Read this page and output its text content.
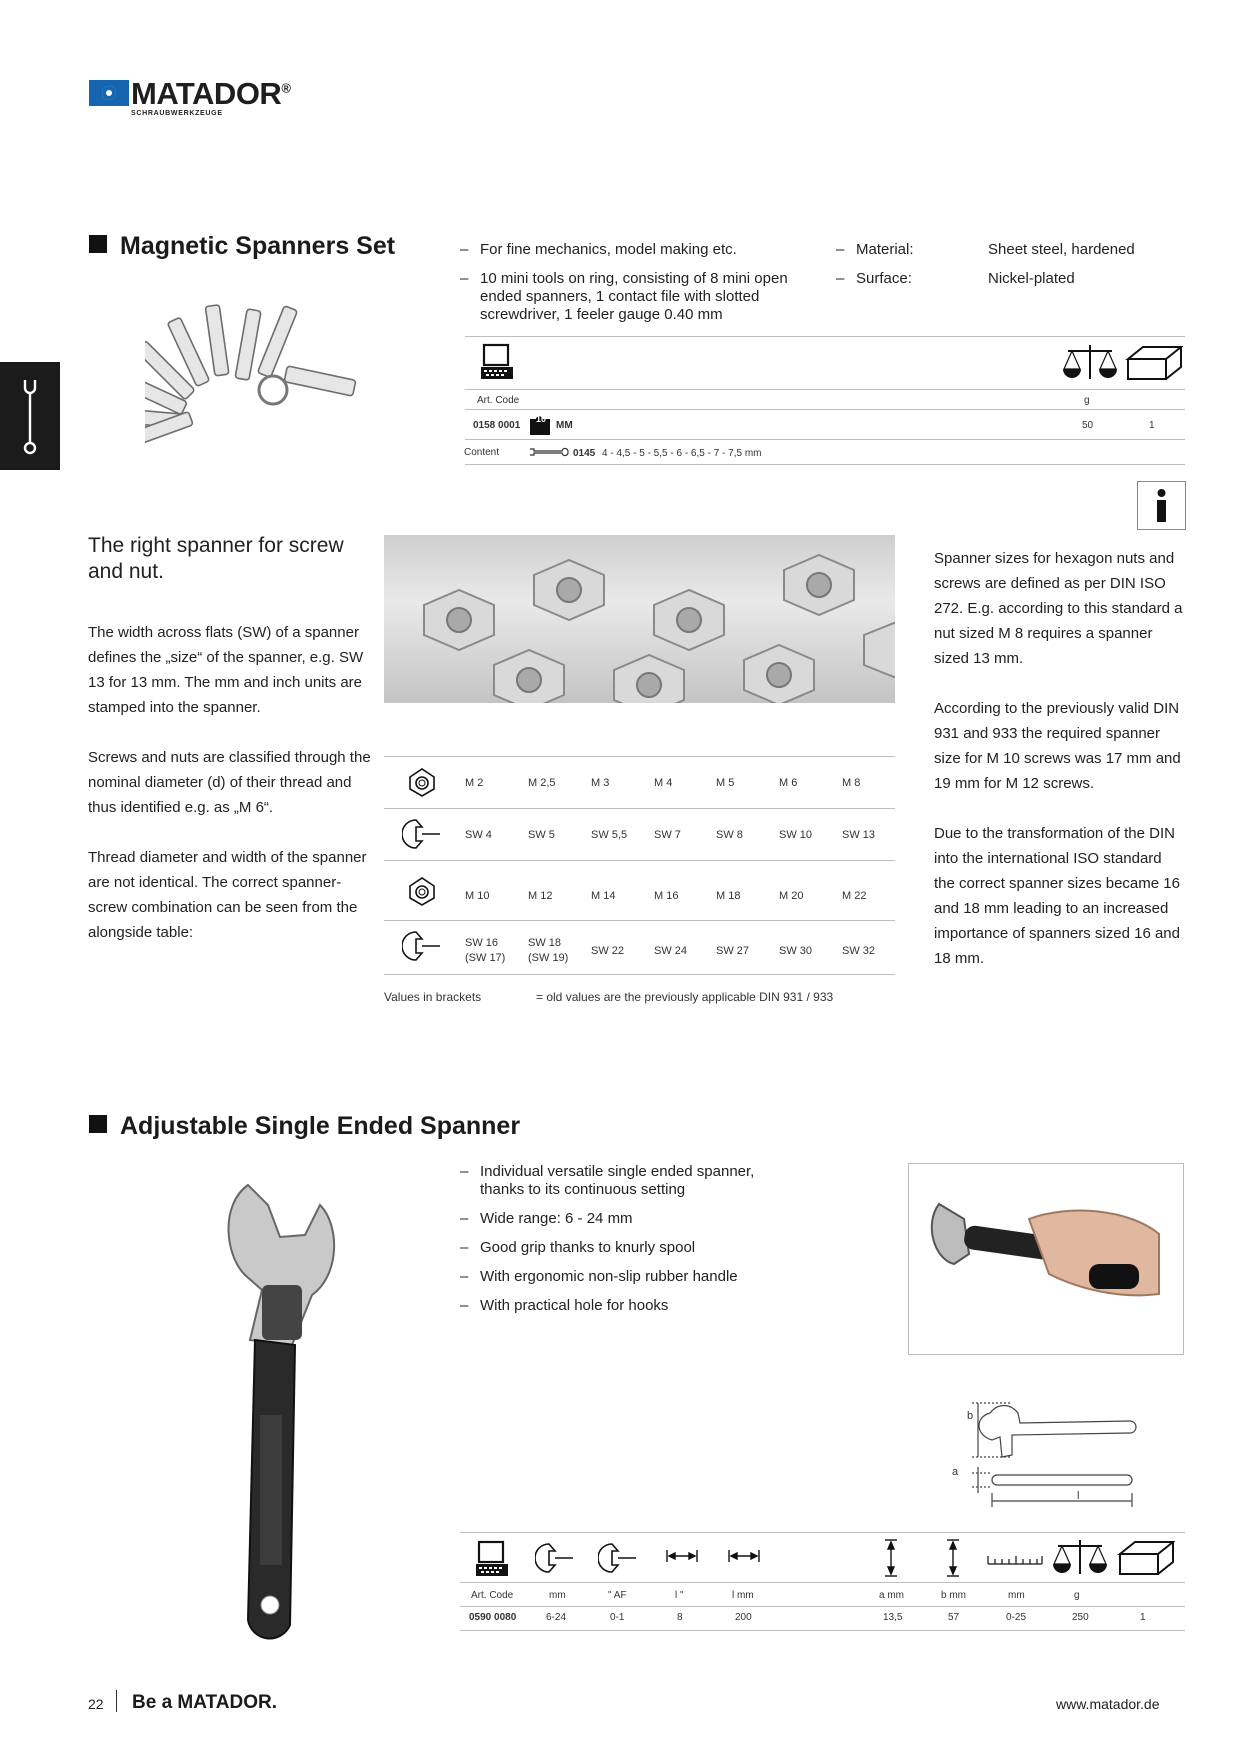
MATADOR®
SCHRAUBWERKZEUGE
Magnetic Spanners Set
–	For fine mechanics, model making etc.
– 10 mini tools on ring, consisting of 8 mini open ended spanners, 1 contact file with slotted screwdriver, 1 feeler gauge 0.40 mm
– Material:
– Surface:
Sheet steel, hardened
Nickel-plated
Art. Code	g
0158 0001
10
MM	50	1
Content	0145 4 - 4,5 - 5 - 5,5 - 6 - 6,5 - 7 - 7,5 mm
The right spanner for screw and nut.

The width across flats (SW) of a spanner defines the „size“ of the spanner, e.g. SW 13 for 13 mm. The mm and inch units are stamped into the spanner.

Screws and nuts are classified through the nominal diameter (d) of their thread and thus identified e.g. as „M 6“.

Thread diameter and width of the spanner are not identical. The correct spanner-screw combination can be seen from the alongside table:

M 2	M 2,5	M 3	M 4	M 5	M 6	M 8
SW 4	SW 5	SW 5,5 SW 7	SW 8	SW 10	SW 13
M 10	M 12	M 14	M 16	M 18	M 20	M 22
SW 16
(SW 17)
SW 18
(SW 19)
SW 22	SW 24	SW 27	SW 30	SW 32
Values in brackets	= old values are the previously applicable DIN 931 / 933

Spanner sizes for hexagon nuts and screws are defined as per DIN ISO 272. E.g. according to this standard a nut sized M 8 requires a spanner sized 13 mm.

According to the previously valid DIN 931 and 933 the required spanner size for M 10 screws was 17 mm and 19 mm for M 12 screws.

Due to the transformation of the DIN into the international ISO standard the correct spanner sizes became 16 and 18 mm leading to an increased importance of spanners sized 16 and 18 mm.

Adjustable Single Ended Spanner
– Individual versatile single ended spanner, thanks to its continuous setting
– Wide range: 6 - 24 mm
– Good grip thanks to knurly spool
– With ergonomic non-slip rubber handle
– With practical hole for hooks
b
a
l
Art. Code	mm	" AF	l "	l mm	a mm	b mm	mm	g
0590 0080	6-24	0-1	8	200	13,5	57	0-25	250	1
22 Be a MATADOR.	www.matador.de
